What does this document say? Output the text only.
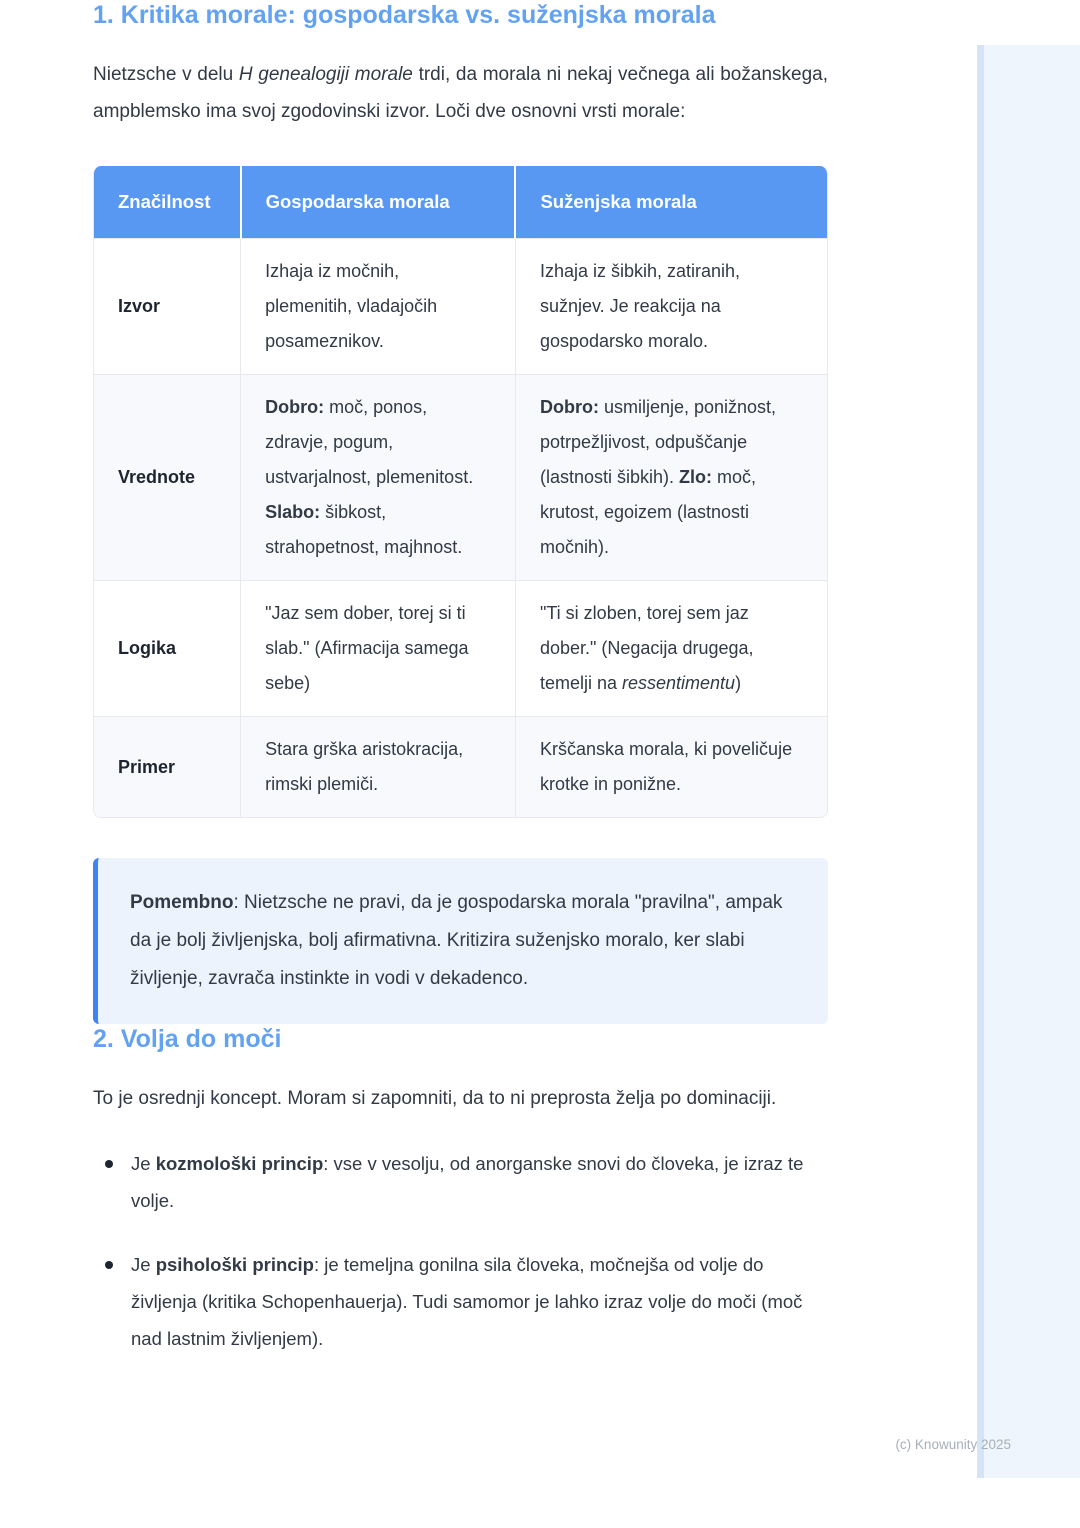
1. Kritika morale: gospodarska vs. suženjska morala

Nietzsche v delu H genealogiji morale trdi, da morala ni nekaj večnega ali božanskega, ampblemsko ima svoj zgodovinski izvor. Loči dve osnovni vrsti morale:

Značilnost	Gospodarska morala	Suženjska morala
Izvor	Izhaja iz močnih, plemenitih, vladajočih posameznikov.	Izhaja iz šibkih, zatiranih, sužnjev. Je reakcija na gospodarsko moralo.
Vrednote	Dobro: moč, ponos, zdravje, pogum, ustvarjalnost, plemenitost. Slabo: šibkost, strahopetnost, majhnost.	Dobro: usmiljenje, ponižnost, potrpežljivost, odpuščanje (lastnosti šibkih). Zlo: moč, krutost, egoizem (lastnosti močnih).
Logika	"Jaz sem dober, torej si ti slab." (Afirmacija samega sebe)	"Ti si zloben, torej sem jaz dober." (Negacija drugega, temelji na ressentimentu)
Primer	Stara grška aristokracija, rimski plemiči.	Krščanska morala, ki poveličuje krotke in ponižne.

Pomembno: Nietzsche ne pravi, da je gospodarska morala "pravilna", ampak da je bolj življenjska, bolj afirmativna. Kritizira suženjsko moralo, ker slabi življenje, zavrača instinkte in vodi v dekadenco.

2. Volja do moči

To je osrednji koncept. Moram si zapomniti, da to ni preprosta želja po dominaciji.

Je kozmološki princip: vse v vesolju, od anorganske snovi do človeka, je izraz te volje.
Je psihološki princip: je temeljna gonilna sila človeka, močnejša od volje do življenja (kritika Schopenhauerja). Tudi samomor je lahko izraz volje do moči (moč nad lastnim življenjem).
(c) Knowunity 2025
